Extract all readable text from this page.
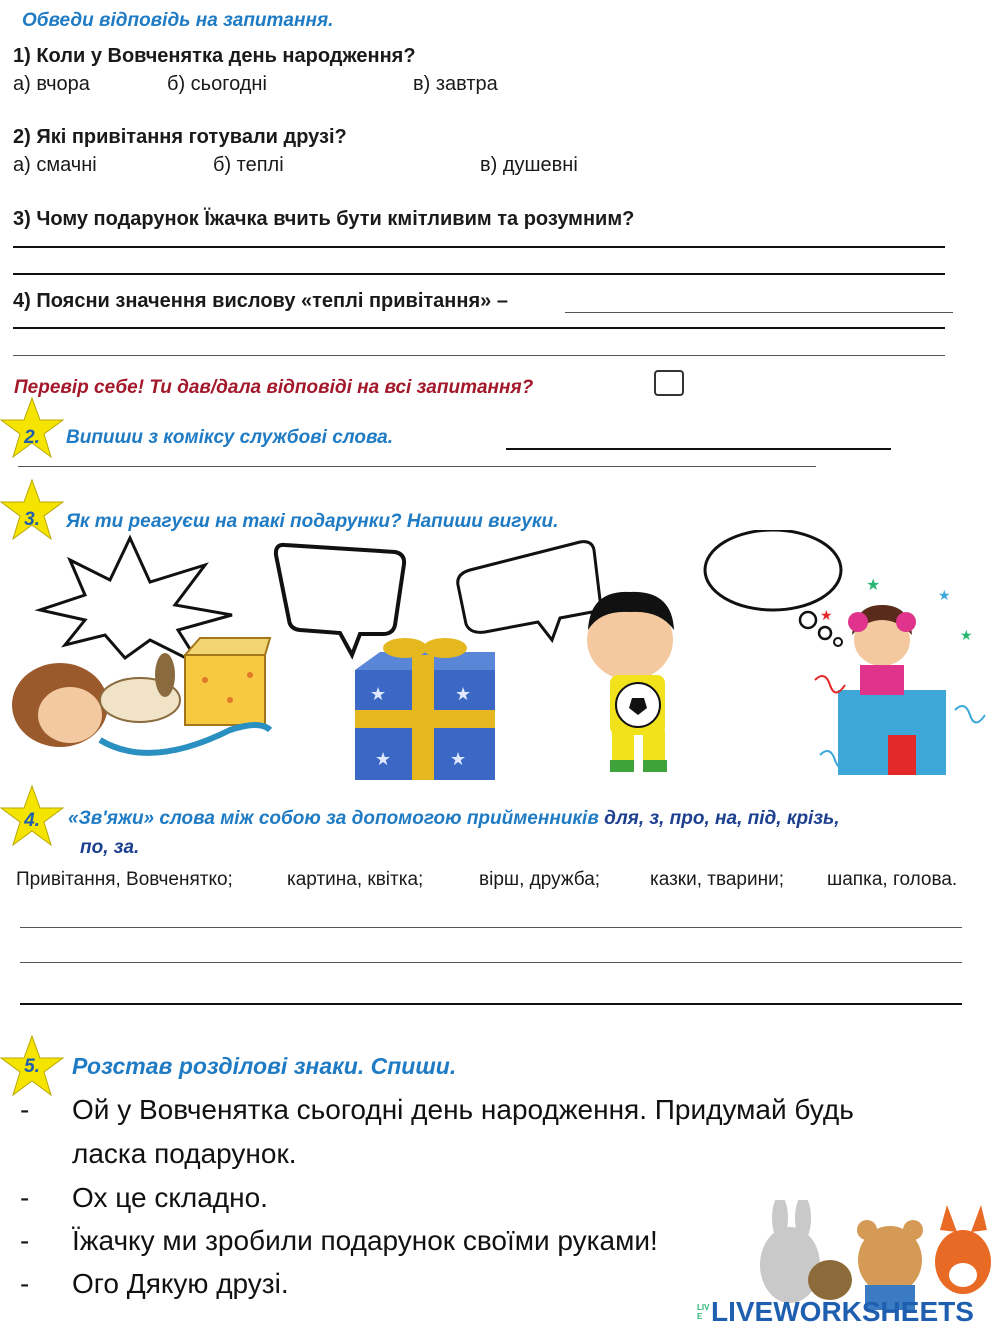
Обведи відповідь на запитання.
1) Коли у Вовченятка день народження?
а) вчора	б) сьогодні	в) завтра
2) Які привітання готували друзі?
а) смачні	б) теплі	в) душевні
3) Чому подарунок Їжачка вчить бути кмітливим та розумним?
4) Поясни значення вислову «теплі привітання» –
Перевір себе! Ти дав/дала відповіді на всі запитання?
2.	Випиши з коміксу службові слова.
3.	Як ти реагуєш на такі подарунки? Напиши вигуки.
★
★
★
★
★
★
★
★
4.	«Зв'яжи» слова між собою за допомогою прийменників для, з, про, на, під, крізь,
по, за.
Привітання, Вовченятко;	картина, квітка;	вірш, дружба;	казки, тварини; шапка, голова.
5.	Розстав розділові знаки. Спиши.
- Ой у Вовченятка сьогодні день народження. Придумай будь
ласка подарунок.
- Ох це складно.
- Їжачку ми зробили подарунок своїми руками!
- Ого Дякую друзі.
LIVE LIVEWORKSHEETS
